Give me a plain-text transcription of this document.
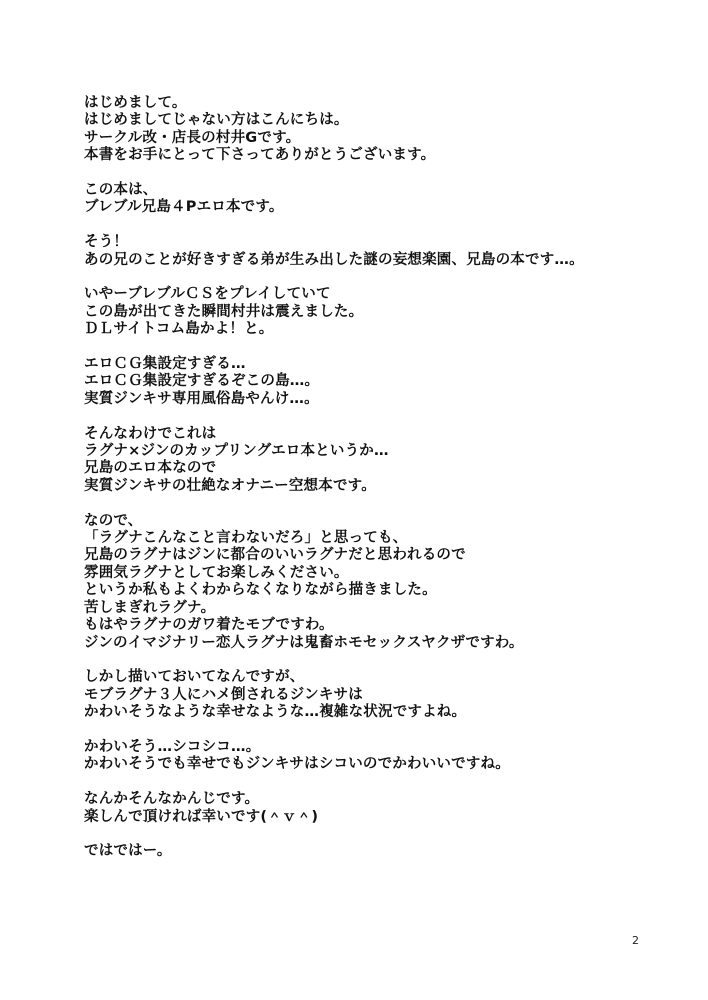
はじめまして。
はじめましてじゃない方はこんにちは。
サークル改・店長の村井Gです。
本書をお手にとって下さってありがとうございます。
この本は、
ブレブル兄島４Pエロ本です。
そう！
あの兄のことが好きすぎる弟が生み出した謎の妄想楽園、兄島の本です…。
いやーブレブルＣＳをプレイしていて
この島が出てきた瞬間村井は震えました。
ＤＬサイトコム島かよ！と。
エロＣＧ集設定すぎる…
エロＣＧ集設定すぎるぞこの島…。
実質ジンキサ専用風俗島やんけ…。
そんなわけでこれは
ラグナ×ジンのカップリングエロ本というか…
兄島のエロ本なので
実質ジンキサの壮絶なオナニー空想本です。
なので、
「ラグナこんなこと言わないだろ」と思っても、
兄島のラグナはジンに都合のいいラグナだと思われるので
雰囲気ラグナとしてお楽しみください。
というか私もよくわからなくなりながら描きました。
苦しまぎれラグナ。
もはやラグナのガワ着たモブですわ。
ジンのイマジナリー恋人ラグナは鬼畜ホモセックスヤクザですわ。
しかし描いておいてなんですが、
モブラグナ３人にハメ倒されるジンキサは
かわいそうなような幸せなような…複雑な状況ですよね。
かわいそう…シコシコ…。
かわいそうでも幸せでもジンキサはシコいのでかわいいですね。
なんかそんなかんじです。
楽しんで頂ければ幸いです(＾ｖ＾)
ではではー。
2
